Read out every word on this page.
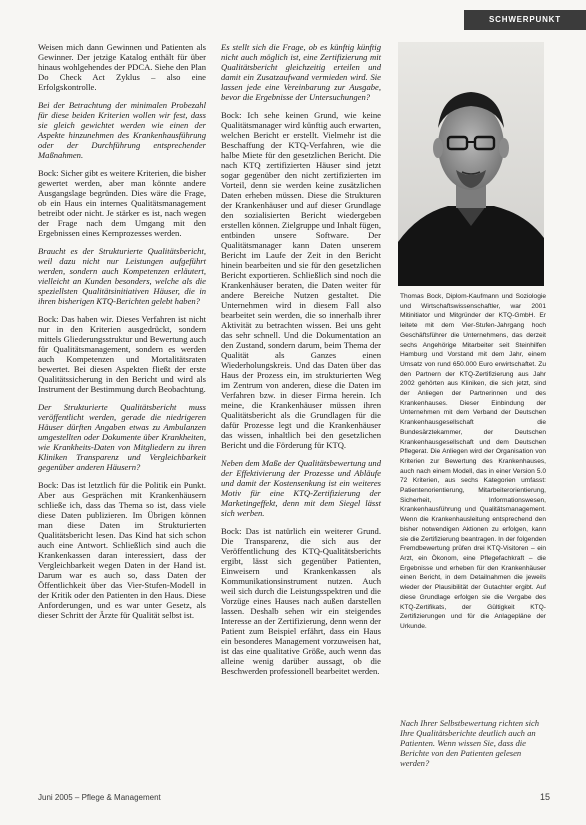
SCHWERPUNKT

Weisen mich dann Gewinnen und Patienten als Gewinner. Der jetzige Katalog enthält für über hinaus wohlgehendes der PDCA. Siehe den Plan Do Check Act Zyklus – also eine Erfolgskontrolle.

Bei der Betrachtung der minimalen Probezahl für diese beiden Kriterien wollen wir fest, dass sie gleich gewichtet werden wie einen der Aspekte hinzunehmen des Krankenhausführung oder der Durchführung entsprechender Maßnahmen.

Bock: Sicher gibt es weitere Kriterien, die bisher gewertet werden, aber man könnte andere Ausgangslage begründen. Dies wäre die Frage, ob ein Haus ein internes Qualitätsmanagement betreibt oder nicht. Je stärker es ist, nach wegen der Frage nach dem Umgang mit den Ergebnissen eines Kernprozesses werden.

Braucht es der Strukturierte Qualitätsbericht, weil dazu nicht nur Leistungen aufgeführt werden, sondern auch Kompetenzen erläutert, vielleicht an Kunden besonders, welche als die speziellsten Qualitätsinitiativen Häuser, die in ihren bisherigen KTQ-Berichten gelebt haben?

Bock: Das haben wir. Dieses Verfahren ist nicht nur in den Kriterien ausgedrückt, sondern mittels Gliederungsstruktur und Bewertung auch für Qualitätsmanagement, sondern es werden auch Kompetenzen und Mortalitätsraten bewertet. Bei diesen Aspekten fließt der erste Qualitätssicherung in den Bericht und wird als Instrument der Bestimmung durch Beobachtung.

Der Strukturierte Qualitätsbericht muss veröffentlicht werden, gerade die niedrigeren Häuser dürften Angaben etwas zu Ambulanzen umgestellten oder Dokumente über Krankheiten, wie Krankheits-Daten von Mitgliedern zu ihren Kliniken Transparenz und Vergleichbarkeit gegenüber anderen Häusern?

Bock: Das ist letztlich für die Politik ein Punkt. Aber aus Gesprächen mit Krankenhäusern schließe ich, dass das Thema so ist, dass viele diese Daten publizieren. Im Übrigen können man diese Daten im Strukturierten Qualitätsbericht lesen. Das Kind hat sich schon auch eine Antwort. Schließlich sind auch die Krankenkassen daran interessiert, dass der Vergleichbarkeit wegen Daten in der Hand ist. Darum war es auch so, dass Daten der Öffentlichkeit über das Vier-Stufen-Modell in der Kritik oder den Patienten in den Haus. Diese Anforderungen, und es war unter Gesetz, als dieser Schritt der Ärzte für Qualität selbst ist.

Es stellt sich die Frage, ob es künftig künftig nicht auch möglich ist, eine Zertifizierung mit Qualitätsbericht gleichzeitig erteilen und damit ein Zusatzaufwand vermieden wird. Sie lassen jede eine Vereinbarung zur Ausgabe, bevor die Ergebnisse der Untersuchungen?

Bock: Ich sehe keinen Grund, wie keine Qualitätsmanager wird künftig auch erwarten, welchen Bericht er erstellt. Vielmehr ist die Beschaffung der KTQ-Verfahren, wie die halbe Miete für den gesetzlichen Bericht. Die nach KTQ zertifizierten Häuser sind jetzt sogar gegenüber den nicht zertifizierten im Vorteil, denn sie werden keine zusätzlichen Daten erheben müssen. Diese die Strukturen der Krankenhäuser und auf dieser Grundlage den sozialisierten Bericht wiedergeben erstellen können. Zielgruppe und Inhalt fügen, entbinden unsere Software. Der Qualitätsmanager kann Daten unserem Bericht im Laufe der Zeit in den Bericht hinein bearbeiten und sie für den gesetzlichen Bericht exportieren. Schließlich sind noch die Krankenhäuser beraten, die Daten weiter für andere Bereiche Nutzen gestaltet. Die Unternehmen wird in diesem Fall also bearbeitet sein werden, die so innerhalb ihrer Aktivität zu betrachten wissen. Bei uns geht das sehr schnell. Und die Dokumentation an den Zustand, sondern darum, beim Thema der Qualität als Ganzes einen Wiederholungskreis. Und das Daten über das Haus der Prozess ein, im strukturierten Weg im Zentrum von anderen, diese die Daten im Verfahren bzw. in dieser Firma herein. Ich meine, die Krankenhäuser müssen ihren Qualitätsbericht als die Grundlagen für die dafür Prozesse legt und die Krankenhäuser das wissen, inhaltlich bei den gesetzlichen Bericht und die Förderung für KTQ.

Neben dem Maße der Qualitätsbewertung und der Effektivierung der Prozesse und Abläufe und damit der Kostensenkung ist ein weiteres Motiv für eine KTQ-Zertifizierung der Marketingeffekt, denn mit dem Siegel lässt sich werben.

Bock: Das ist natürlich ein weiterer Grund. Die Transparenz, die sich aus der Veröffentlichung des KTQ-Qualitätsberichts ergibt, lässt sich gegenüber Patienten, Einweisern und Krankenkassen als Kommunikationsinstrument nutzen. Auch weil sich durch die Leistungsspektren und die Vorzüge eines Hauses nach außen darstellen lassen. Deshalb sehen wir ein steigendes Interesse an der Zertifizierung, denn wenn der Patient zum Beispiel erfährt, dass ein Haus ein besonderes Management vorzuweisen hat, ist das eine qualitative Größe, auch wenn das alleine wenig darüber aussagt, ob die Beschwerden professionell bearbeitet werden.

Thomas Bock, Diplom-Kaufmann und Soziologie und Wirtschaftswissenschaftler, war 2001 Mitinitiator und Mitgründer der KTQ-GmbH. Er leitete mit dem Vier-Stufen-Jahrgang hoch Geschäftsführer die Unternehmens, das derzeit sechs Angehörige Mitarbeiter seit Steinhilfen Hamburg und Vorstand mit dem Jahr, einem Umsatz von rund 650.000 Euro erwirtschaftet. Zu den Partnern der KTQ-Zertifizierung aus Jahr 2002 gehörten aus Kliniken, die sich jetzt, sind der Anliegen der Partnerinnen und des Krankenhauses. Dieser Einbindung der Unternehmen mit dem Verband der Deutschen Krankenhausgesellschaft die Bundesärztekammer, der Deutschen Krankenhausgesellschaft und dem Deutschen Pflegerat. Die Anliegen wird der Organisation von Kriterien zur Bewertung des Krankenhauses, auch nach einem Modell, das in einer Version 5.0 72 Kriterien, aus sechs Kategorien umfasst: Patientenorientierung, Mitarbeiterorientierung, Sicherheit, Informationswesen, Krankenhausführung und Qualitätsmanagement. Wenn die Krankenhausleitung entsprechend den bisher notwendigen Aktionen zu erfolgen, kann sie die Zertifizierung beantragen. In der folgenden Fremdbewertung prüfen drei KTQ-Visitoren – ein Arzt, ein Ökonom, eine Pflegefachkraft – die Ergebnisse und erheben für den Krankenhäuser einen Bericht, in dem Detailnahmen die jeweils wieder der Plausibilität der Gutachter ergibt. Auf diese Grundlage erfolgen sie die Vergabe des KTQ-Zertifikats, der Gültigkeit KTQ-Zertifizierungen und für die Anlagepläne der Urkunde.

Nach Ihrer Selbstbewertung richten sich Ihre Qualitätsberichte deutlich auch an Patienten. Wenn wissen Sie, dass die Berichte von den Patienten gelesen werden?
Juni 2005 – Pflege & Management	15
